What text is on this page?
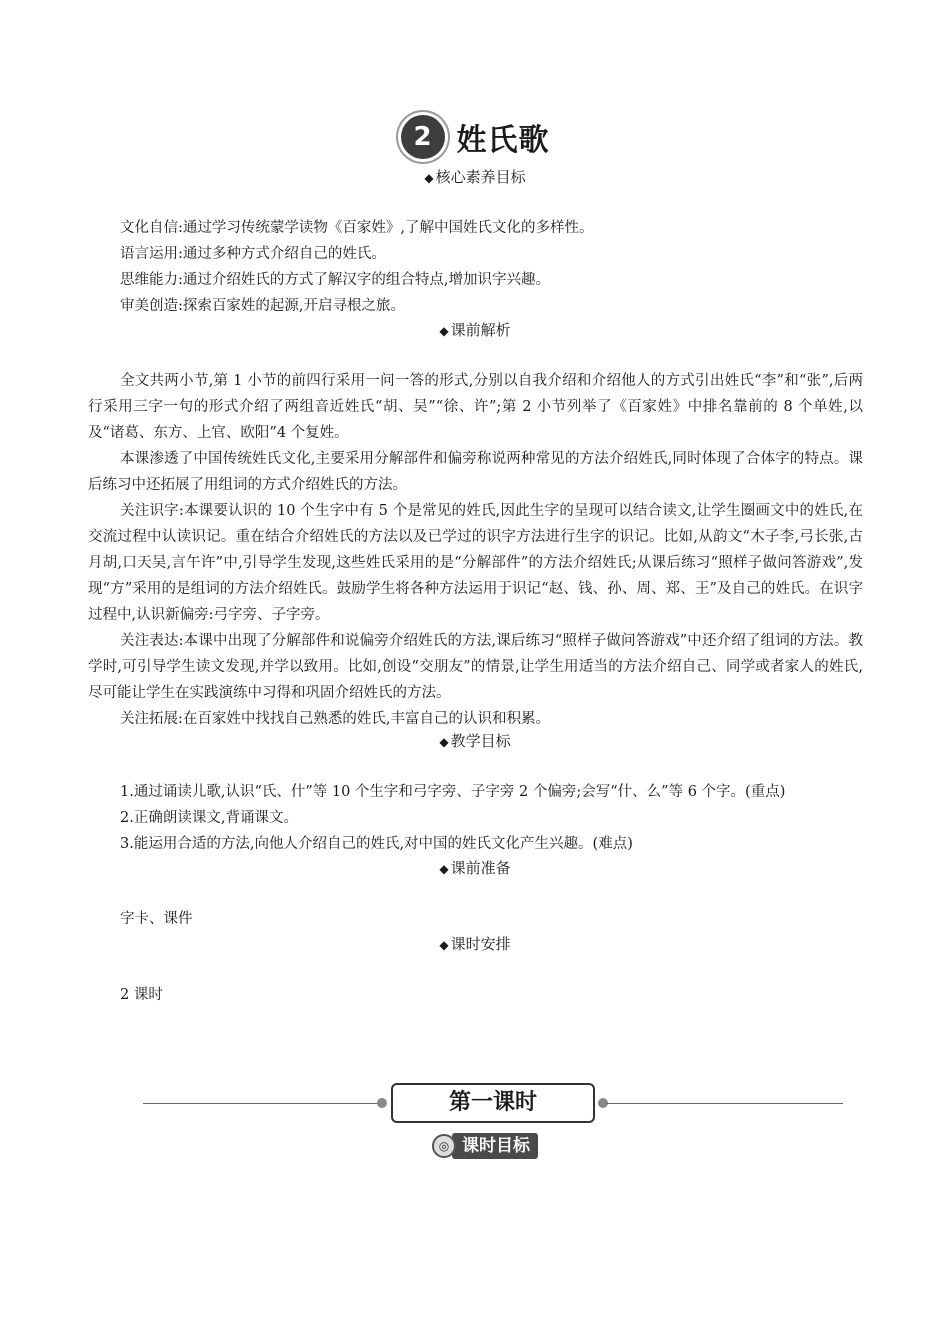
2 姓氏歌
◆ 核心素养目标

文化自信:通过学习传统蒙学读物《百家姓》,了解中国姓氏文化的多样性。

语言运用:通过多种方式介绍自己的姓氏。

思维能力:通过介绍姓氏的方式了解汉字的组合特点,增加识字兴趣。

审美创造:探索百家姓的起源,开启寻根之旅。

◆ 课前解析

全文共两小节,第 1 小节的前四行采用一问一答的形式,分别以自我介绍和介绍他人的方式引出姓氏“李”和“张”,后两行采用三字一句的形式介绍了两组音近姓氏“胡、吴”“徐、许”;第 2 小节列举了《百家姓》中排名靠前的 8 个单姓,以及“诸葛、东方、上官、欧阳”4 个复姓。

本课渗透了中国传统姓氏文化,主要采用分解部件和偏旁称说两种常见的方法介绍姓氏,同时体现了合体字的特点。课后练习中还拓展了用组词的方式介绍姓氏的方法。

关注识字:本课要认识的 10 个生字中有 5 个是常见的姓氏,因此生字的呈现可以结合读文,让学生圈画文中的姓氏,在交流过程中认读识记。重在结合介绍姓氏的方法以及已学过的识字方法进行生字的识记。比如,从韵文“木子李,弓长张,古月胡,口天吴,言午许”中,引导学生发现,这些姓氏采用的是“分解部件”的方法介绍姓氏;从课后练习“照样子做问答游戏”,发现“方”采用的是组词的方法介绍姓氏。鼓励学生将各种方法运用于识记“赵、钱、孙、周、郑、王”及自己的姓氏。在识字过程中,认识新偏旁:弓字旁、子字旁。

关注表达:本课中出现了分解部件和说偏旁介绍姓氏的方法,课后练习“照样子做问答游戏”中还介绍了组词的方法。教学时,可引导学生读文发现,并学以致用。比如,创设“交朋友”的情景,让学生用适当的方法介绍自己、同学或者家人的姓氏,尽可能让学生在实践演练中习得和巩固介绍姓氏的方法。

关注拓展:在百家姓中找找自己熟悉的姓氏,丰富自己的认识和积累。

◆ 教学目标

1.通过诵读儿歌,认识“氏、什”等 10 个生字和弓字旁、子字旁 2 个偏旁;会写“什、么”等 6 个字。(重点)

2.正确朗读课文,背诵课文。

3.能运用合适的方法,向他人介绍自己的姓氏,对中国的姓氏文化产生兴趣。(难点)

◆ 课前准备

字卡、课件

◆ 课时安排

2 课时

第一课时
◎ 课时目标
